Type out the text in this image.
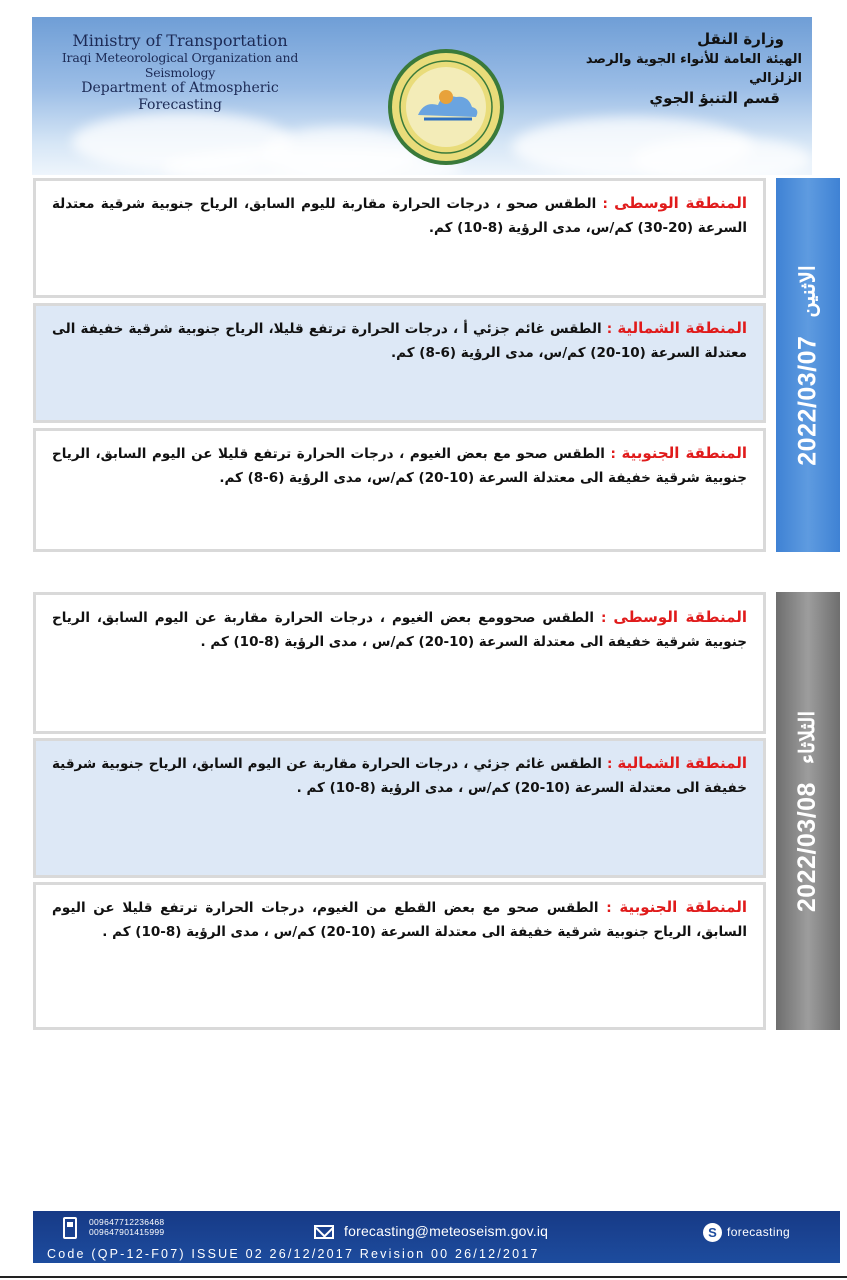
Ministry of Transportation
Iraqi Meteorological Organization and Seismology
Department of Atmospheric Forecasting
وزارة النقل
الهيئة العامة للأنواء الجوية والرصد الزلزالي
قسم التنبؤ الجوي
المنطقة الوسطى : الطقس صحو ، درجات الحرارة مقاربة لليوم السابق، الرياح جنوبية شرقية معتدلة السرعة (20-30) كم/س، مدى الرؤية (8-10) كم.
المنطقة الشمالية : الطقس غائم جزئي أ ، درجات الحرارة ترتفع قليلا، الرياح جنوبية شرقية خفيفة الى معتدلة السرعة (10-20) كم/س، مدى الرؤية (6-8) كم.
المنطقة الجنوبية : الطقس صحو مع بعض الغيوم ، درجات الحرارة ترتفع قليلا عن اليوم السابق، الرياح جنوبية شرقية خفيفة الى معتدلة السرعة (10-20) كم/س، مدى الرؤية (6-8) كم.
2022/03/07
الاثنين
المنطقة الوسطى : الطقس صحوومع بعض الغيوم ، درجات الحرارة مقاربة عن اليوم السابق، الرياح جنوبية شرقية خفيفة الى معتدلة السرعة (10-20) كم/س ، مدى الرؤية (8-10) كم .
المنطقة الشمالية : الطقس غائم جزئي ، درجات الحرارة مقاربة عن اليوم السابق، الرياح جنوبية شرقية خفيفة الى معتدلة السرعة (10-20) كم/س ، مدى الرؤية (8-10) كم .
المنطقة الجنوبية : الطقس صحو مع بعض القطع من الغيوم، درجات الحرارة ترتفع قليلا عن اليوم السابق، الرياح جنوبية شرقية خفيفة الى معتدلة السرعة (10-20) كم/س ، مدى الرؤية (8-10) كم .
2022/03/08
الثلاثاء
009647712236468
009647901415999	forecasting@meteoseism.gov.iq	S forecasting
Code (QP-12-F07) ISSUE 02 26/12/2017 Revision 00 26/12/2017
